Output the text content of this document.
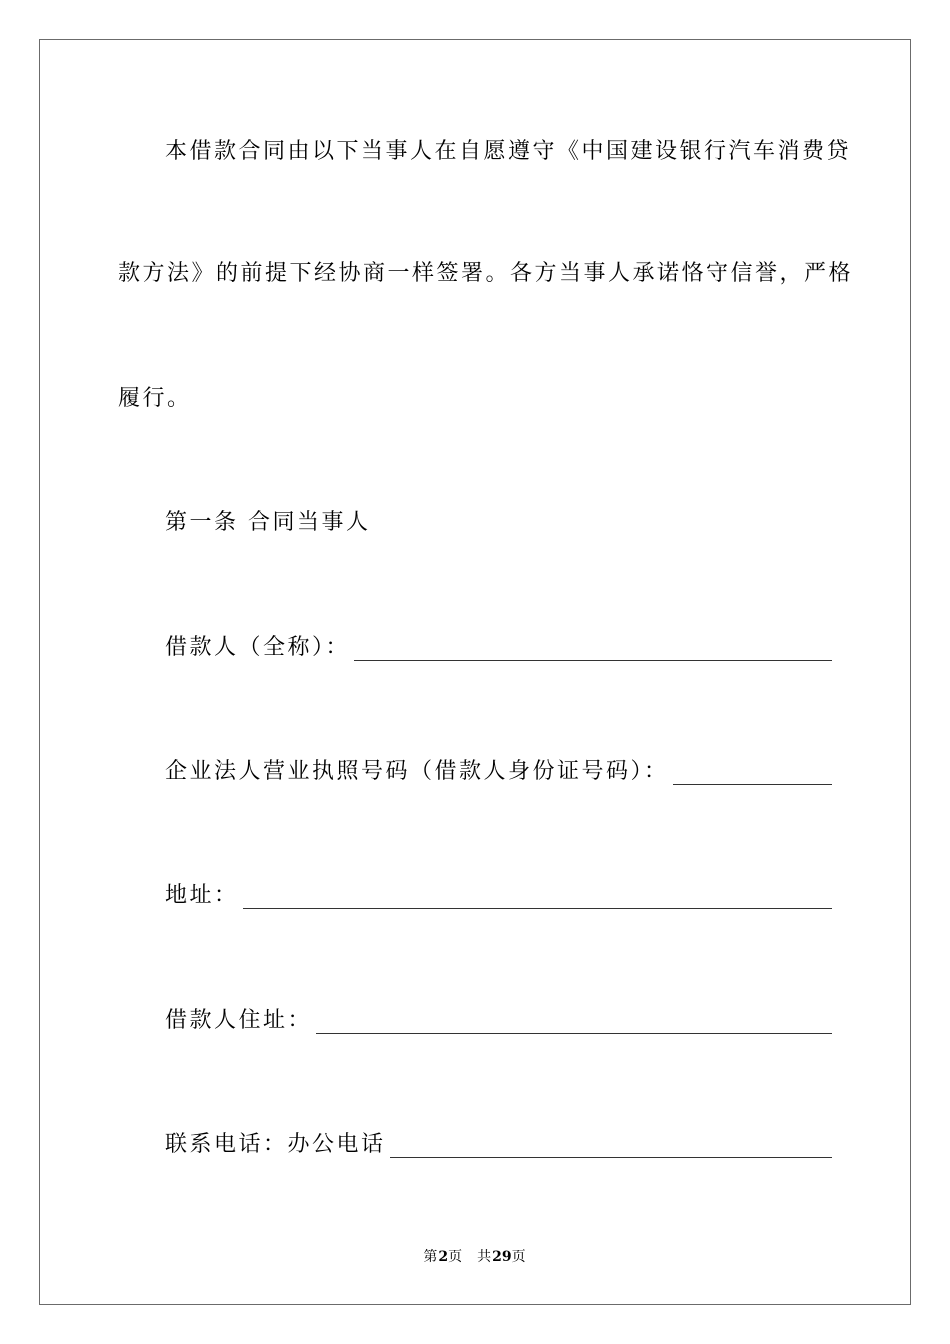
本借款合同由以下当事人在自愿遵守《中国建设银行汽车消费贷
款方法》的前提下经协商一样签署。各方当事人承诺恪守信誉，严格
履行。
第一条 合同当事人
借款人（全称）：
企业法人营业执照号码（借款人身份证号码）：
地址：
借款人住址：
联系电话：办公电话
第2页 共29页
